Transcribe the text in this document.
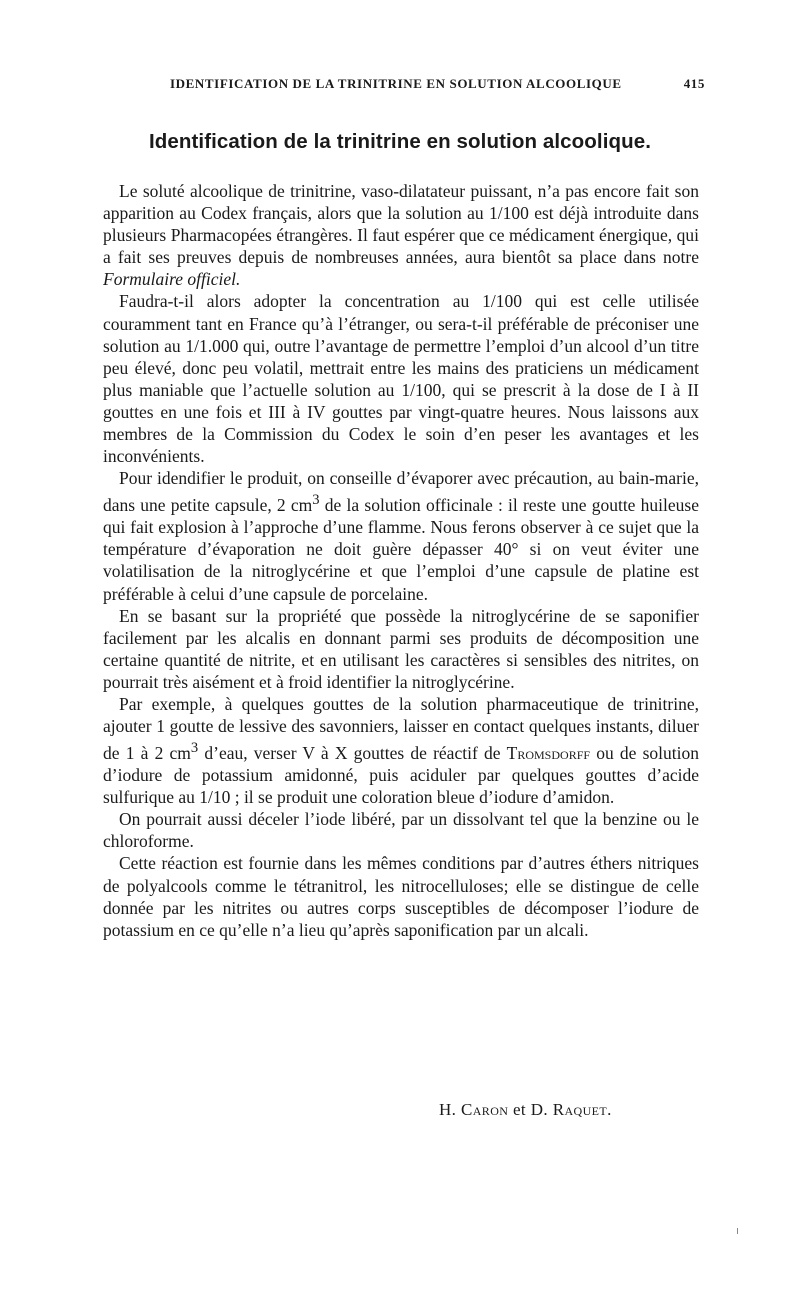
IDENTIFICATION DE LA TRINITRINE EN SOLUTION ALCOOLIQUE	415
Identification de la trinitrine en solution alcoolique.

Le soluté alcoolique de trinitrine, vaso-dilatateur puissant, n’a pas encore fait son apparition au Codex français, alors que la solution au 1/100 est déjà introduite dans plusieurs Pharmacopées étrangères. Il faut espérer que ce médicament énergique, qui a fait ses preuves depuis de nombreuses années, aura bientôt sa place dans notre Formulaire officiel.

Faudra-t-il alors adopter la concentration au 1/100 qui est celle utilisée couramment tant en France qu’à l’étranger, ou sera-t-il préférable de préconiser une solution au 1/1.000 qui, outre l’avantage de permettre l’emploi d’un alcool d’un titre peu élevé, donc peu volatil, mettrait entre les mains des praticiens un médicament plus maniable que l’actuelle solution au 1/100, qui se prescrit à la dose de I à II gouttes en une fois et III à IV gouttes par vingt-quatre heures. Nous laissons aux membres de la Commission du Codex le soin d’en peser les avantages et les inconvénients.

Pour idendifier le produit, on conseille d’évaporer avec précaution, au bain-marie, dans une petite capsule, 2 $cm^3$ de la solution officinale : il reste une goutte huileuse qui fait explosion à l’approche d’une flamme. Nous ferons observer à ce sujet que la température d’évaporation ne doit guère dépasser 40° si on veut éviter une volatilisation de la nitroglycérine et que l’emploi d’une capsule de platine est préférable à celui d’une capsule de porcelaine.

En se basant sur la propriété que possède la nitroglycérine de se saponifier facilement par les alcalis en donnant parmi ses produits de décomposition une certaine quantité de nitrite, et en utilisant les caractères si sensibles des nitrites, on pourrait très aisément et à froid identifier la nitroglycérine.

Par exemple, à quelques gouttes de la solution pharmaceutique de trinitrine, ajouter 1 goutte de lessive des savonniers, laisser en contact quelques instants, diluer de 1 à 2 $cm^3$ d’eau, verser V à X gouttes de réactif de Tromsdorff ou de solution d’iodure de potassium amidonné, puis aciduler par quelques gouttes d’acide sulfurique au 1/10 ; il se produit une coloration bleue d’iodure d’amidon.

On pourrait aussi déceler l’iode libéré, par un dissolvant tel que la benzine ou le chloroforme.

Cette réaction est fournie dans les mêmes conditions par d’autres éthers nitriques de polyalcools comme le tétranitrol, les nitrocelluloses; elle se distingue de celle donnée par les nitrites ou autres corps susceptibles de décomposer l’iodure de potassium en ce qu’elle n’a lieu qu’après saponification par un alcali.

H. Caron et D. Raquet.
